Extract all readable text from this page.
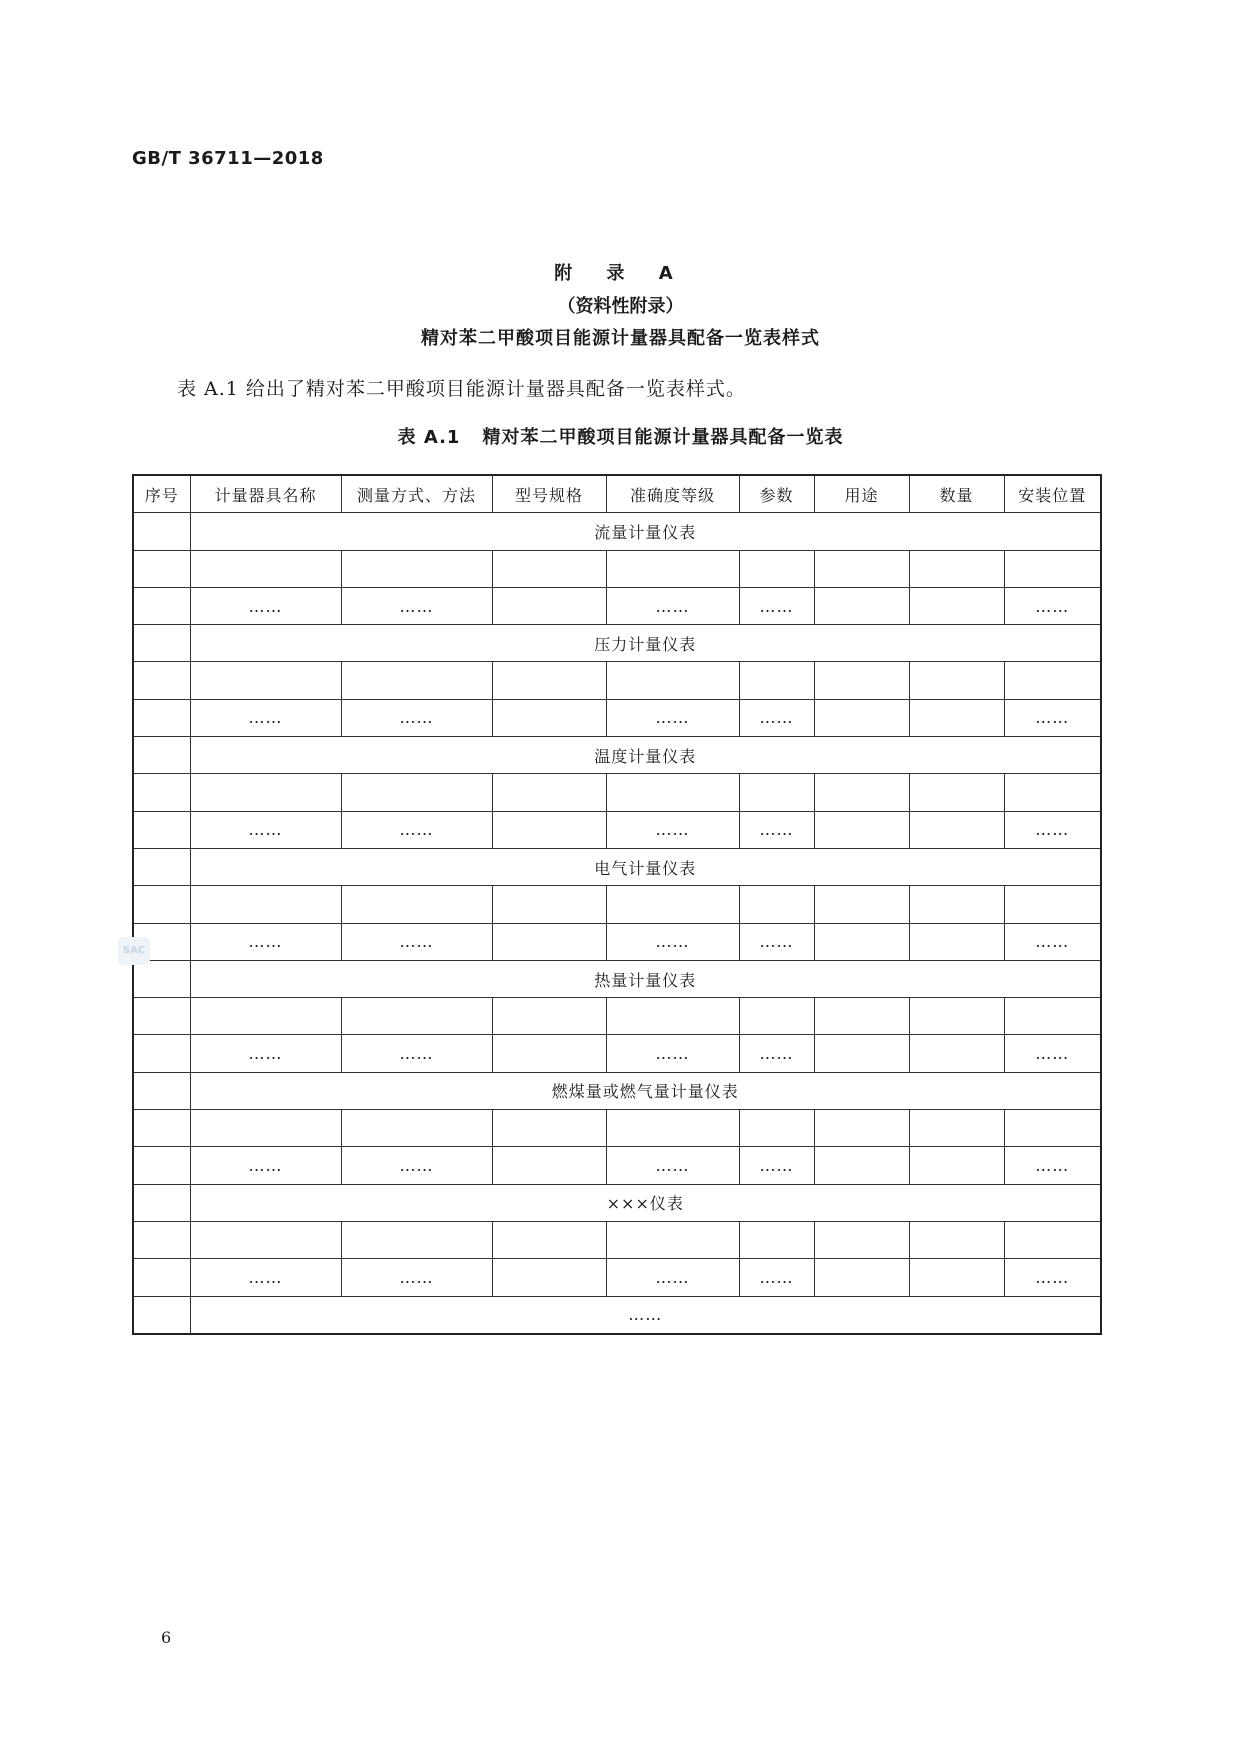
GB/T 36711—2018
附 录 A
（资料性附录）
精对苯二甲酸项目能源计量器具配备一览表样式
表 A.1 给出了精对苯二甲酸项目能源计量器具配备一览表样式。
表 A.1 精对苯二甲酸项目能源计量器具配备一览表
序号	计量器具名称	测量方式、方法	型号规格	准确度等级	参数	用途	数量	安装位置
	流量计量仪表							

	……	……		……	……			……
	压力计量仪表							

	……	……		……	……			……
	温度计量仪表							

	……	……		……	……			……
	电气计量仪表							

	……	……		……	……			……
	热量计量仪表							

	……	……		……	……			……
	燃煤量或燃气量计量仪表							

	……	……		……	……			……
	×××仪表							

	……	……		……	……			……
	……							
SAC
6
